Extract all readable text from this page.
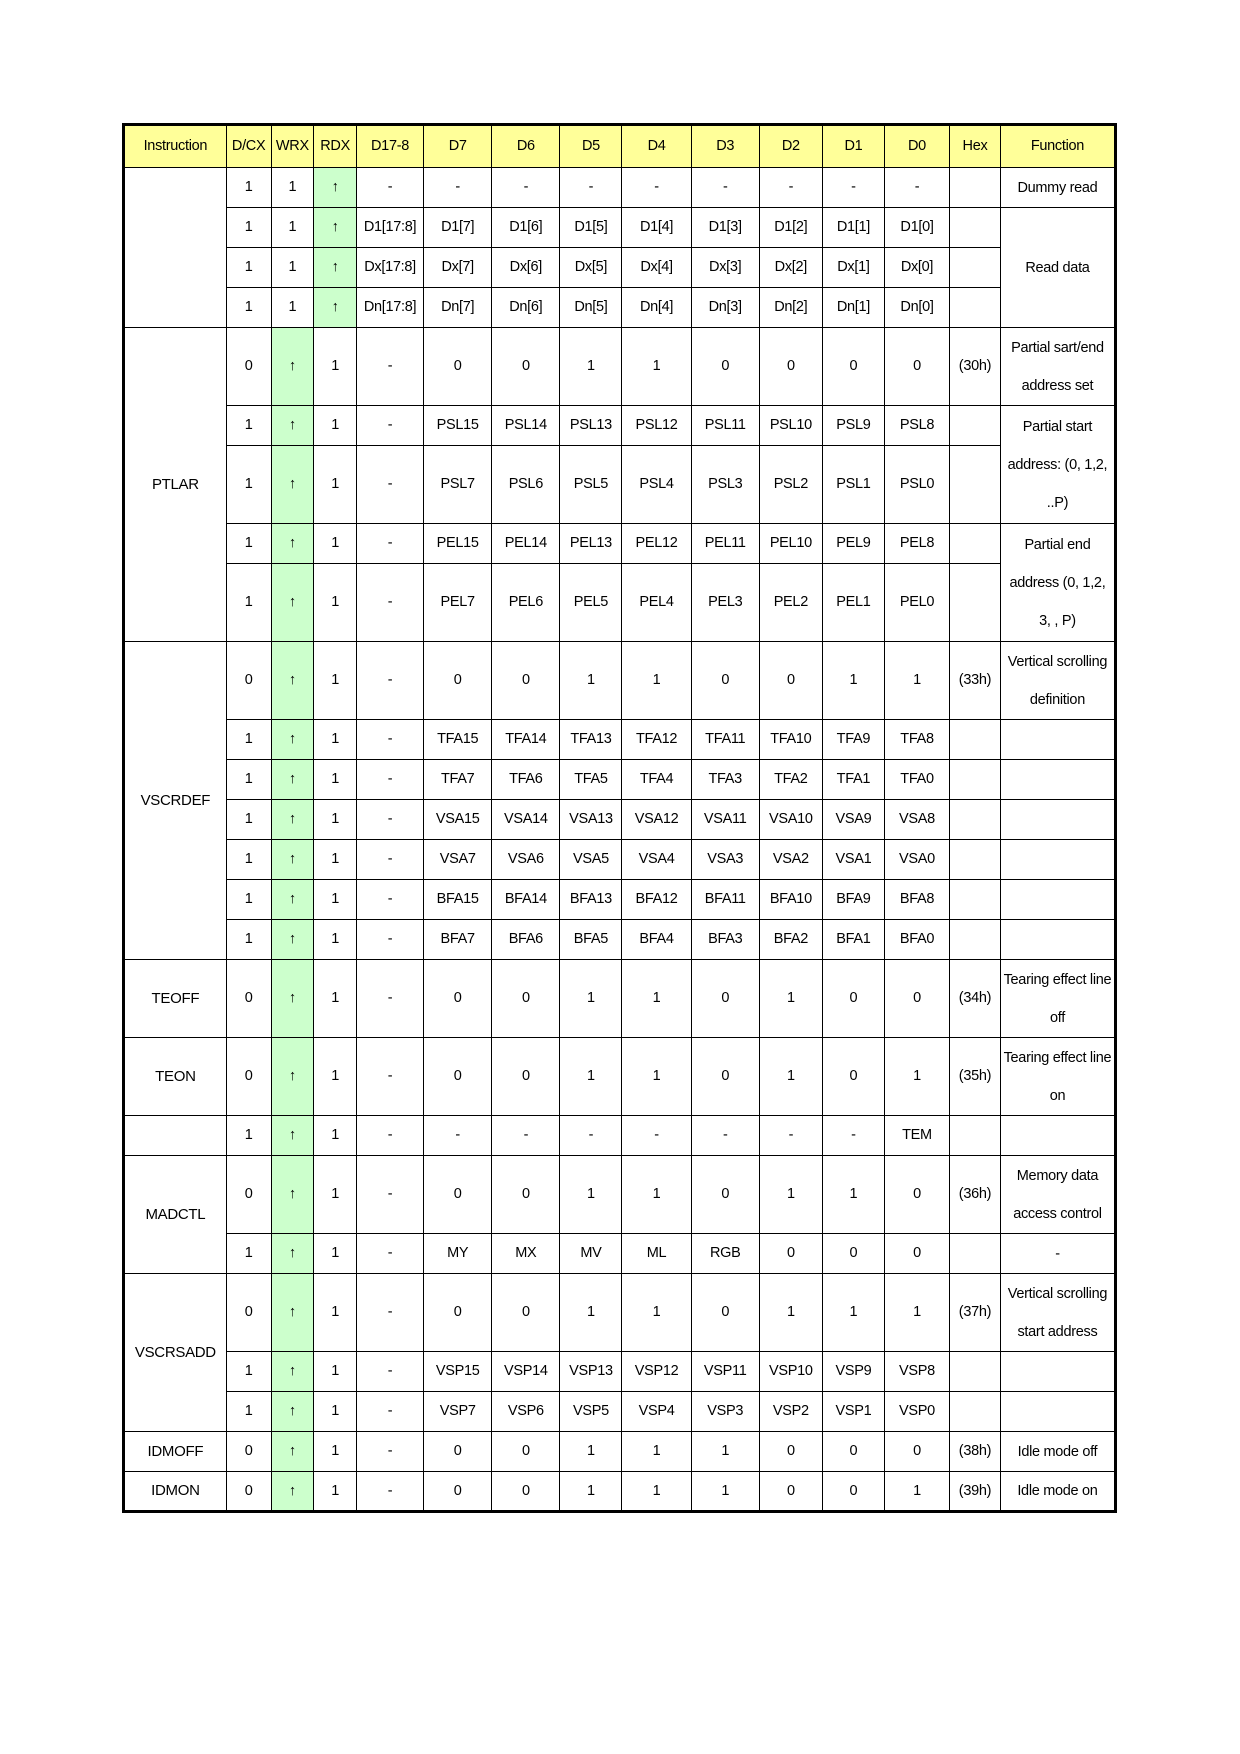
Instruction	D/CX	WRX	RDX	D17-8	D7	D6	D5	D4	D3	D2	D1	D0	Hex	Function
	1	1	↑	-	-	-	-	-	-	-	-	-		Dummy read
	1	1	↑	D1[17:8]	D1[7]	D1[6]	D1[5]	D1[4]	D1[3]	D1[2]	D1[1]	D1[0]		Read data
	1	1	↑	Dx[17:8]	Dx[7]	Dx[6]	Dx[5]	Dx[4]	Dx[3]	Dx[2]	Dx[1]	Dx[0]		
	1	1	↑	Dn[17:8]	Dn[7]	Dn[6]	Dn[5]	Dn[4]	Dn[3]	Dn[2]	Dn[1]	Dn[0]		
PTLAR	0	↑	1	-	0	0	1	1	0	0	0	0	(30h)	Partial sart/end address set
	1	↑	1	-	PSL15	PSL14	PSL13	PSL12	PSL11	PSL10	PSL9	PSL8		Partial start address: (0, 1,2, ..P)
	1	↑	1	-	PSL7	PSL6	PSL5	PSL4	PSL3	PSL2	PSL1	PSL0		
	1	↑	1	-	PEL15	PEL14	PEL13	PEL12	PEL11	PEL10	PEL9	PEL8		Partial end address (0, 1,2, 3, , P)
	1	↑	1	-	PEL7	PEL6	PEL5	PEL4	PEL3	PEL2	PEL1	PEL0		
VSCRDEF	0	↑	1	-	0	0	1	1	0	0	1	1	(33h)	Vertical scrolling definition
	1	↑	1	-	TFA15	TFA14	TFA13	TFA12	TFA11	TFA10	TFA9	TFA8		
	1	↑	1	-	TFA7	TFA6	TFA5	TFA4	TFA3	TFA2	TFA1	TFA0		
	1	↑	1	-	VSA15	VSA14	VSA13	VSA12	VSA11	VSA10	VSA9	VSA8		
	1	↑	1	-	VSA7	VSA6	VSA5	VSA4	VSA3	VSA2	VSA1	VSA0		
	1	↑	1	-	BFA15	BFA14	BFA13	BFA12	BFA11	BFA10	BFA9	BFA8		
	1	↑	1	-	BFA7	BFA6	BFA5	BFA4	BFA3	BFA2	BFA1	BFA0		
TEOFF	0	↑	1	-	0	0	1	1	0	1	0	0	(34h)	Tearing effect line off
TEON	0	↑	1	-	0	0	1	1	0	1	0	1	(35h)	Tearing effect line on
	1	↑	1	-	-	-	-	-	-	-	-	TEM		
MADCTL	0	↑	1	-	0	0	1	1	0	1	1	0	(36h)	Memory data access control
	1	↑	1	-	MY	MX	MV	ML	RGB	0	0	0		-
VSCRSADD	0	↑	1	-	0	0	1	1	0	1	1	1	(37h)	Vertical scrolling start address
	1	↑	1	-	VSP15	VSP14	VSP13	VSP12	VSP11	VSP10	VSP9	VSP8		
	1	↑	1	-	VSP7	VSP6	VSP5	VSP4	VSP3	VSP2	VSP1	VSP0		
IDMOFF	0	↑	1	-	0	0	1	1	1	0	0	0	(38h)	Idle mode off
IDMON	0	↑	1	-	0	0	1	1	1	0	0	1	(39h)	Idle mode on
